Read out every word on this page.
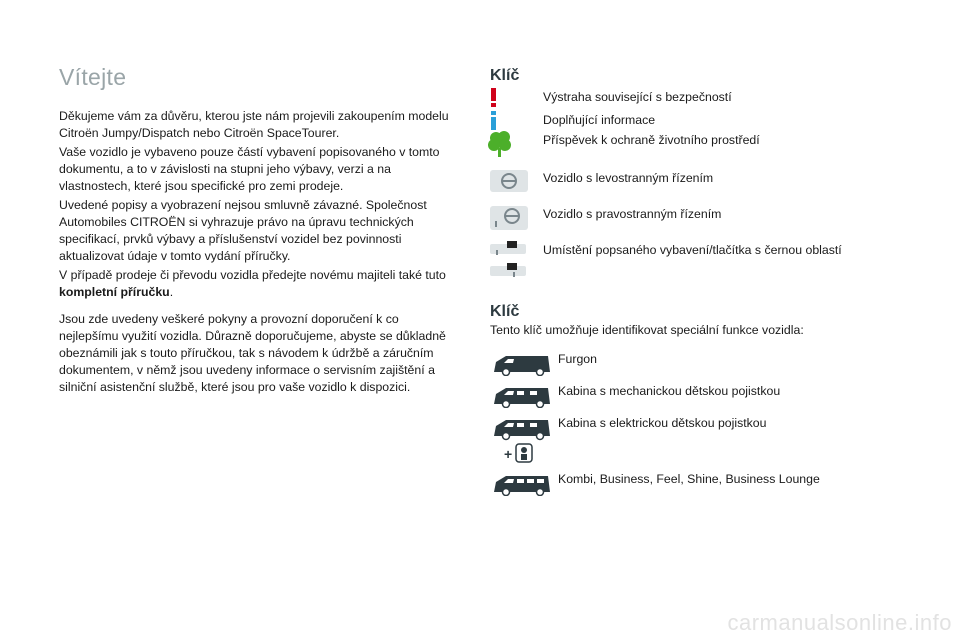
Vítejte

Děkujeme vám za důvěru, kterou jste nám projevili zakoupením modelu Citroën Jumpy/Dispatch nebo Citroën SpaceTourer.

Vaše vozidlo je vybaveno pouze částí vybavení popisovaného v tomto dokumentu, a to v závislosti na stupni jeho výbavy, verzi a na vlastnostech, které jsou specifické pro zemi prodeje.

Uvedené popisy a vyobrazení nejsou smluvně závazné. Společnost Automobiles CITROËN si vyhrazuje právo na úpravu technických specifikací, prvků výbavy a příslušenství vozidel bez povinnosti aktualizovat údaje v tomto vydání příručky.

V případě prodeje či převodu vozidla předejte novému majiteli také tuto kompletní příručku.

Jsou zde uvedeny veškeré pokyny a provozní doporučení k co nejlepšímu využití vozidla. Důrazně doporučujeme, abyste se důkladně obeznámili jak s touto příručkou, tak s návodem k údržbě a záručním dokumentem, v němž jsou uvedeny informace o servisním zajištění a silniční asistenční službě, které jsou pro vaše vozidlo k dispozici.

Klíč
Výstraha související s bezpečností
Doplňující informace
Příspěvek k ochraně životního prostředí
Vozidlo s levostranným řízením
Vozidlo s pravostranným řízením
Umístění popsaného vybavení/tlačítka s černou oblastí
Klíč
Tento klíč umožňuje identifikovat speciální funkce vozidla:
Furgon
Kabina s mechanickou dětskou pojistkou
+
Kabina s elektrickou dětskou pojistkou
Kombi, Business, Feel, Shine, Business Lounge
carmanualsonline.info
